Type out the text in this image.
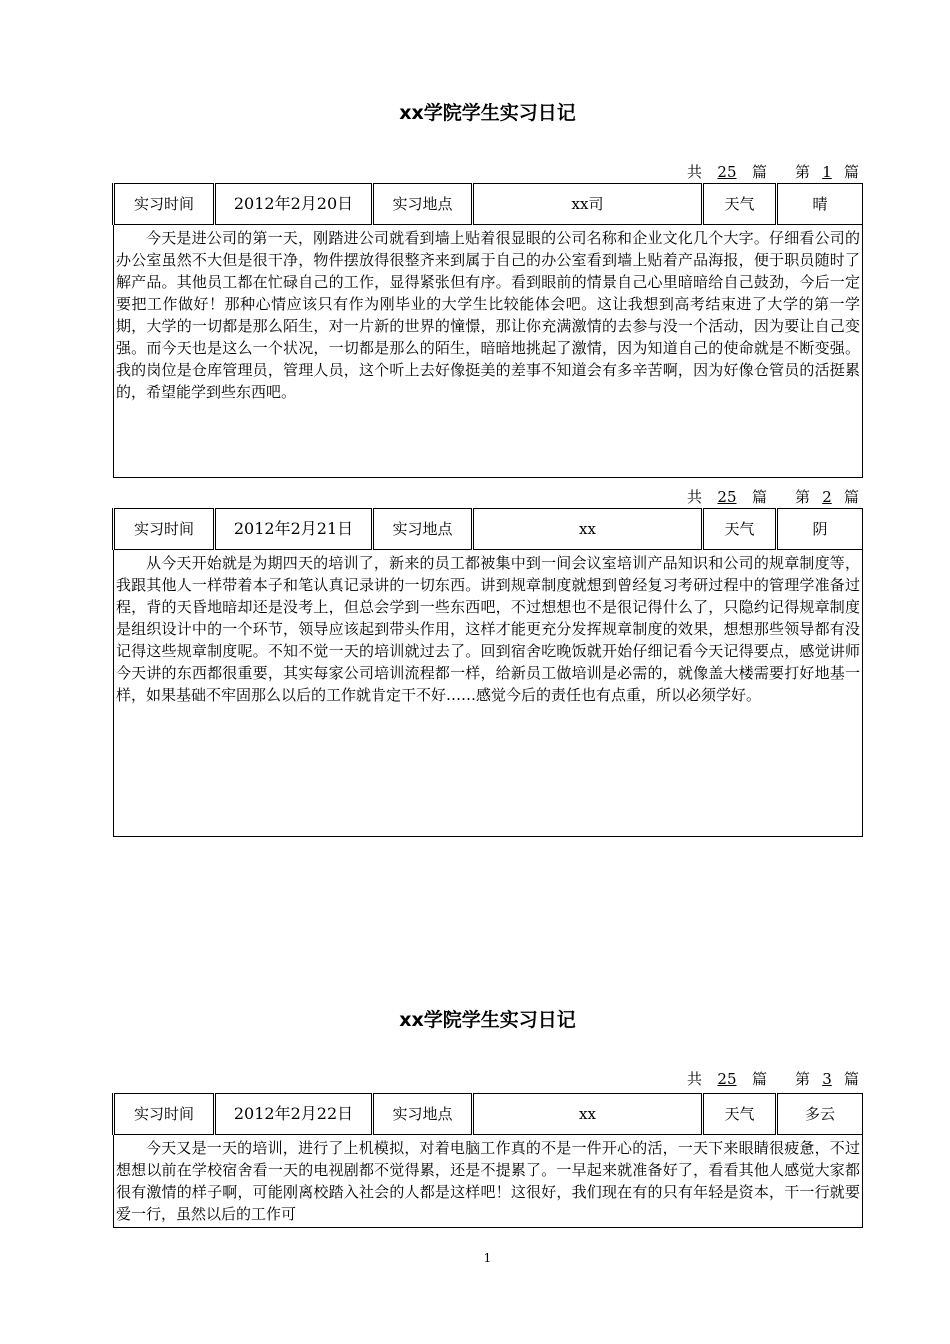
xx学院学生实习日记
共 25 篇 第 1 篇
实习时间	2012年2月20日	实习地点	xx司	天气	晴

今天是进公司的第一天，刚踏进公司就看到墙上贴着很显眼的公司名称和企业文化几个大字。仔细看公司的办公室虽然不大但是很干净，物件摆放得很整齐来到属于自己的办公室看到墙上贴着产品海报，便于职员随时了解产品。其他员工都在忙碌自己的工作，显得紧张但有序。看到眼前的情景自己心里暗暗给自己鼓劲，今后一定要把工作做好！那种心情应该只有作为刚毕业的大学生比较能体会吧。这让我想到高考结束进了大学的第一学期，大学的一切都是那么陌生，对一片新的世界的憧憬，那让你充满激情的去参与没一个活动，因为要让自己变强。而今天也是这么一个状况，一切都是那么的陌生，暗暗地挑起了激情，因为知道自己的使命就是不断变强。我的岗位是仓库管理员，管理人员，这个听上去好像挺美的差事不知道会有多辛苦啊，因为好像仓管员的活挺累的，希望能学到些东西吧。

共 25 篇 第 2 篇
实习时间	2012年2月21日	实习地点	xx	天气	阴

从今天开始就是为期四天的培训了，新来的员工都被集中到一间会议室培训产品知识和公司的规章制度等，我跟其他人一样带着本子和笔认真记录讲的一切东西。讲到规章制度就想到曾经复习考研过程中的管理学准备过程，背的天昏地暗却还是没考上，但总会学到一些东西吧，不过想想也不是很记得什么了，只隐约记得规章制度是组织设计中的一个环节，领导应该起到带头作用，这样才能更充分发挥规章制度的效果，想想那些领导都有没记得这些规章制度呢。不知不觉一天的培训就过去了。回到宿舍吃晚饭就开始仔细记看今天记得要点，感觉讲师今天讲的东西都很重要，其实每家公司培训流程都一样，给新员工做培训是必需的，就像盖大楼需要打好地基一样，如果基础不牢固那么以后的工作就肯定干不好……感觉今后的责任也有点重，所以必须学好。

xx学院学生实习日记
共 25 篇 第 3 篇
实习时间	2012年2月22日	实习地点	xx	天气	多云

今天又是一天的培训，进行了上机模拟，对着电脑工作真的不是一件开心的活，一天下来眼睛很疲惫，不过想想以前在学校宿舍看一天的电视剧都不觉得累，还是不提累了。一早起来就准备好了，看看其他人感觉大家都很有激情的样子啊，可能刚离校踏入社会的人都是这样吧！这很好，我们现在有的只有年轻是资本，干一行就要爱一行，虽然以后的工作可

1
